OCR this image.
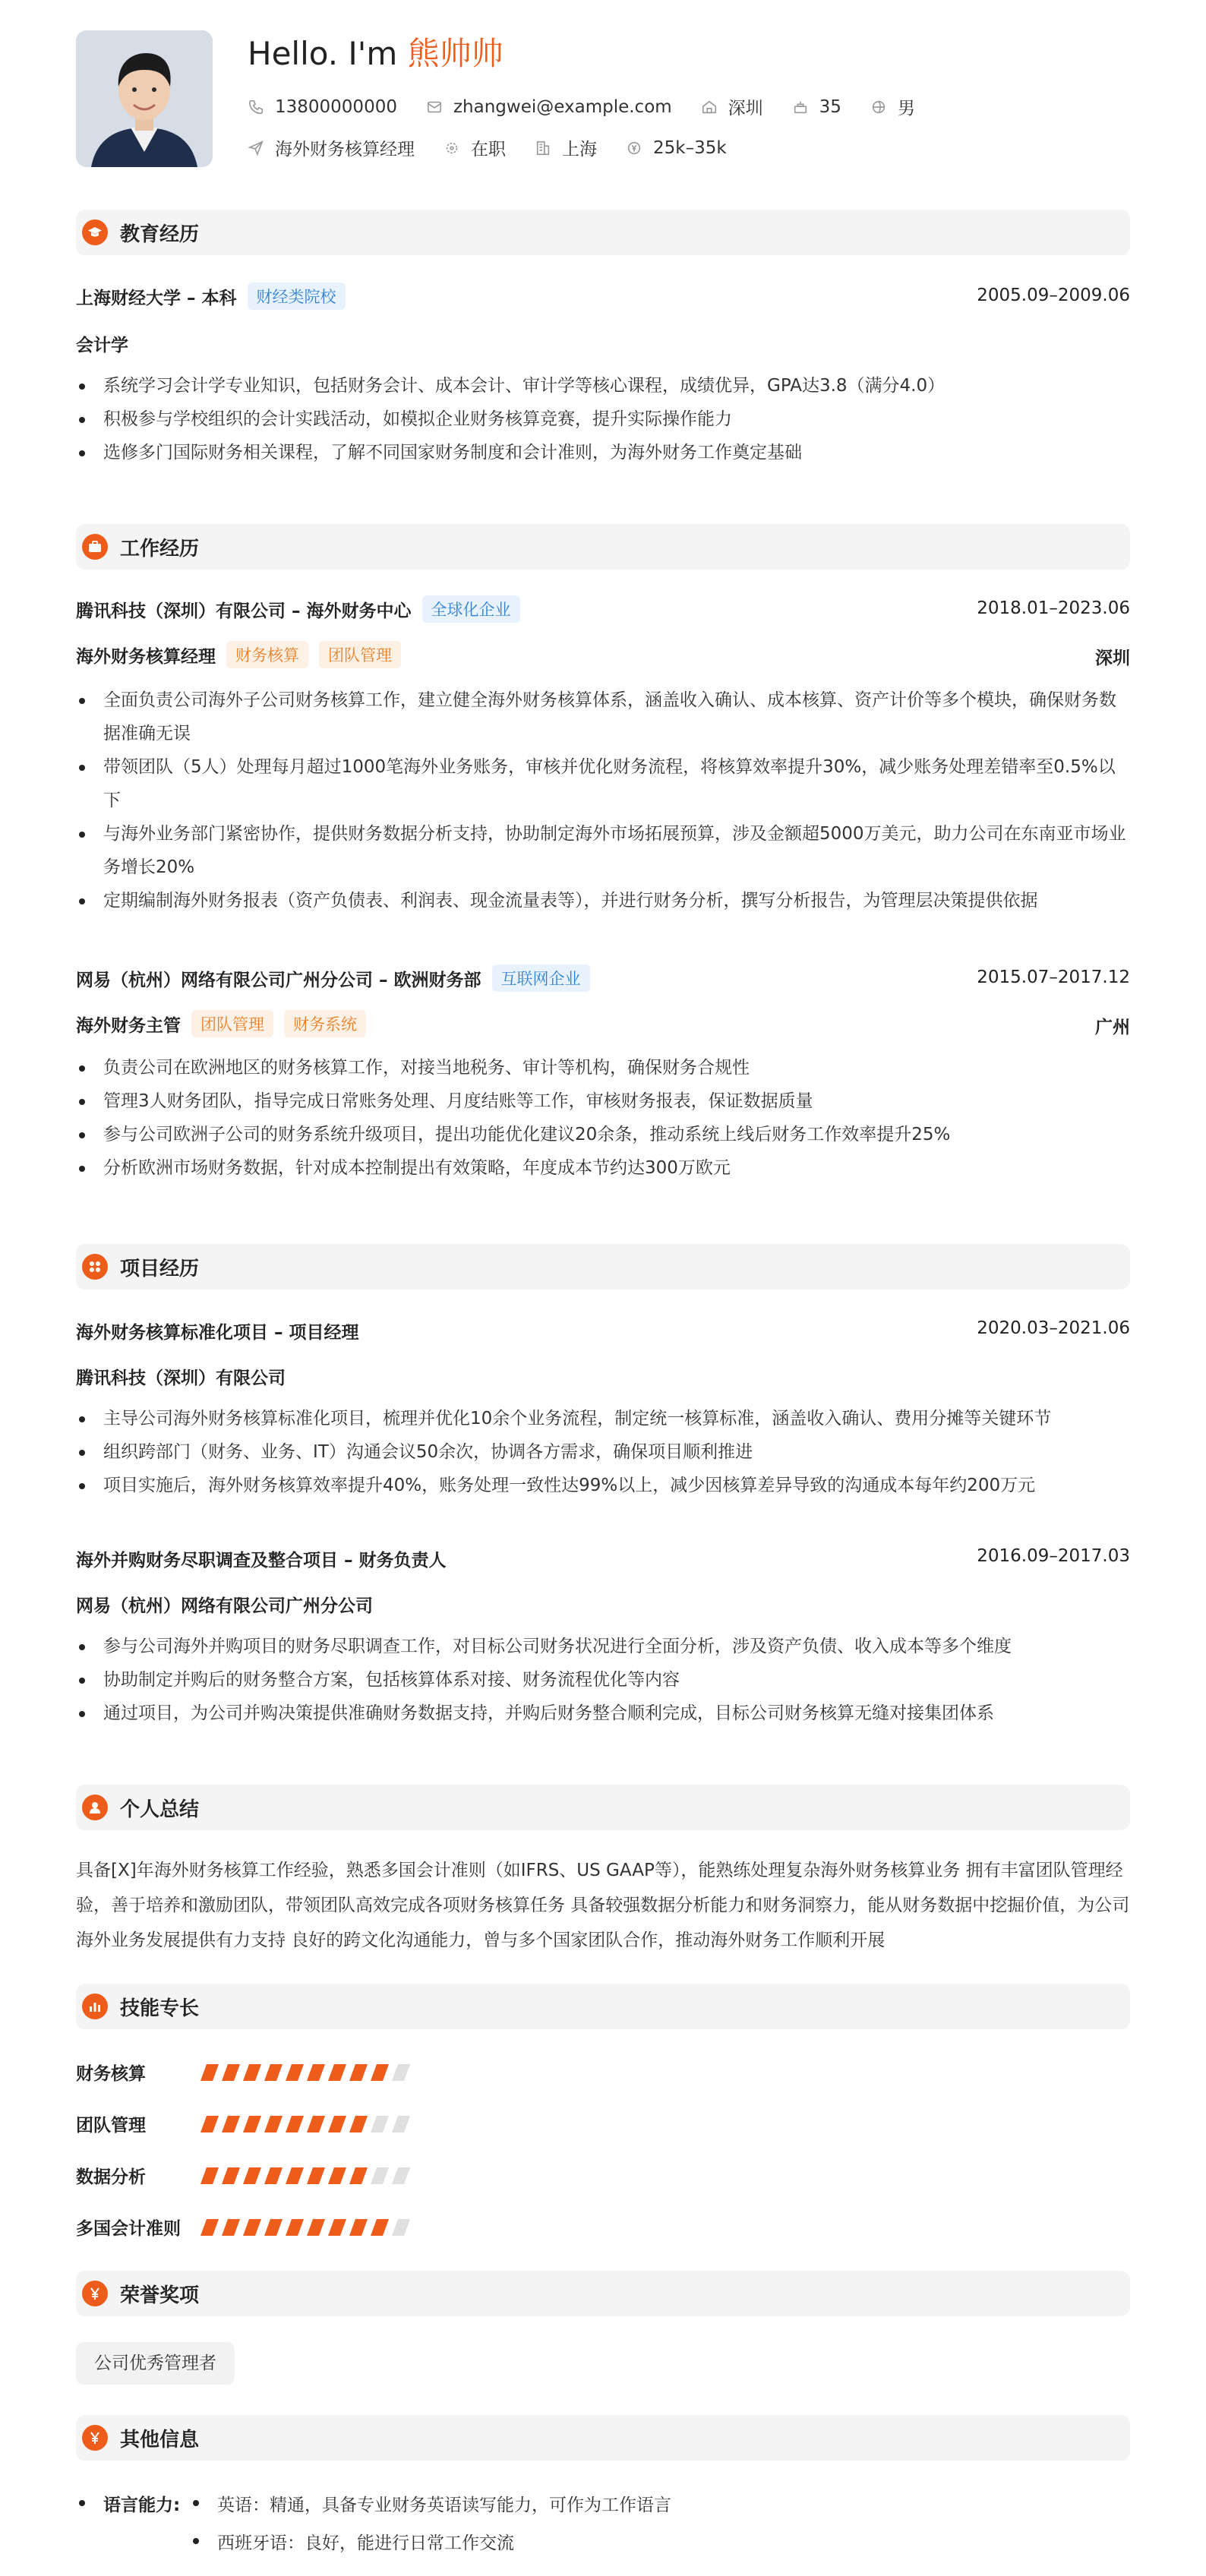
Hello. I'm 熊帅帅
13800000000	zhangwei@example.com	深圳	35	男
海外财务核算经理	在职	上海	25k–35k
教育经历
上海财经大学 – 本科	财经类院校	2005.09–2009.06
会计学
系统学习会计学专业知识，包括财务会计、成本会计、审计学等核心课程，成绩优异，GPA达3.8（满分4.0）
积极参与学校组织的会计实践活动，如模拟企业财务核算竞赛，提升实际操作能力
选修多门国际财务相关课程，了解不同国家财务制度和会计准则，为海外财务工作奠定基础
工作经历
腾讯科技（深圳）有限公司 – 海外财务中心	全球化企业	2018.01–2023.06
海外财务核算经理	财务核算	团队管理	深圳
全面负责公司海外子公司财务核算工作，建立健全海外财务核算体系，涵盖收入确认、成本核算、资产计价等多个模块，确保财务数据准确无误
带领团队（5人）处理每月超过1000笔海外业务账务，审核并优化财务流程，将核算效率提升30%，减少账务处理差错率至0.5%以下
与海外业务部门紧密协作，提供财务数据分析支持，协助制定海外市场拓展预算，涉及金额超5000万美元，助力公司在东南亚市场业务增长20%
定期编制海外财务报表（资产负债表、利润表、现金流量表等），并进行财务分析，撰写分析报告，为管理层决策提供依据
网易（杭州）网络有限公司广州分公司 – 欧洲财务部	互联网企业	2015.07–2017.12
海外财务主管	团队管理	财务系统	广州
负责公司在欧洲地区的财务核算工作，对接当地税务、审计等机构，确保财务合规性
管理3人财务团队，指导完成日常账务处理、月度结账等工作，审核财务报表，保证数据质量
参与公司欧洲子公司的财务系统升级项目，提出功能优化建议20余条，推动系统上线后财务工作效率提升25%
分析欧洲市场财务数据，针对成本控制提出有效策略，年度成本节约达300万欧元
项目经历
海外财务核算标准化项目 – 项目经理	2020.03–2021.06
腾讯科技（深圳）有限公司
主导公司海外财务核算标准化项目，梳理并优化10余个业务流程，制定统一核算标准，涵盖收入确认、费用分摊等关键环节
组织跨部门（财务、业务、IT）沟通会议50余次，协调各方需求，确保项目顺利推进
项目实施后，海外财务核算效率提升40%，账务处理一致性达99%以上，减少因核算差异导致的沟通成本每年约200万元
海外并购财务尽职调查及整合项目 – 财务负责人	2016.09–2017.03
网易（杭州）网络有限公司广州分公司
参与公司海外并购项目的财务尽职调查工作，对目标公司财务状况进行全面分析，涉及资产负债、收入成本等多个维度
协助制定并购后的财务整合方案，包括核算体系对接、财务流程优化等内容
通过项目，为公司并购决策提供准确财务数据支持，并购后财务整合顺利完成，目标公司财务核算无缝对接集团体系
个人总结
具备[X]年海外财务核算工作经验，熟悉多国会计准则（如IFRS、US GAAP等），能熟练处理复杂海外财务核算业务 拥有丰富团队管理经验，善于培养和激励团队，带领团队高效完成各项财务核算任务 具备较强数据分析能力和财务洞察力，能从财务数据中挖掘价值，为公司海外业务发展提供有力支持 良好的跨文化沟通能力，曾与多个国家团队合作，推动海外财务工作顺利开展
技能专长
财务核算
团队管理
数据分析
多国会计准则
荣誉奖项
公司优秀管理者
其他信息
语言能力:	英语：精通，具备专业财务英语读写能力，可作为工作语言
西班牙语：良好，能进行日常工作交流
